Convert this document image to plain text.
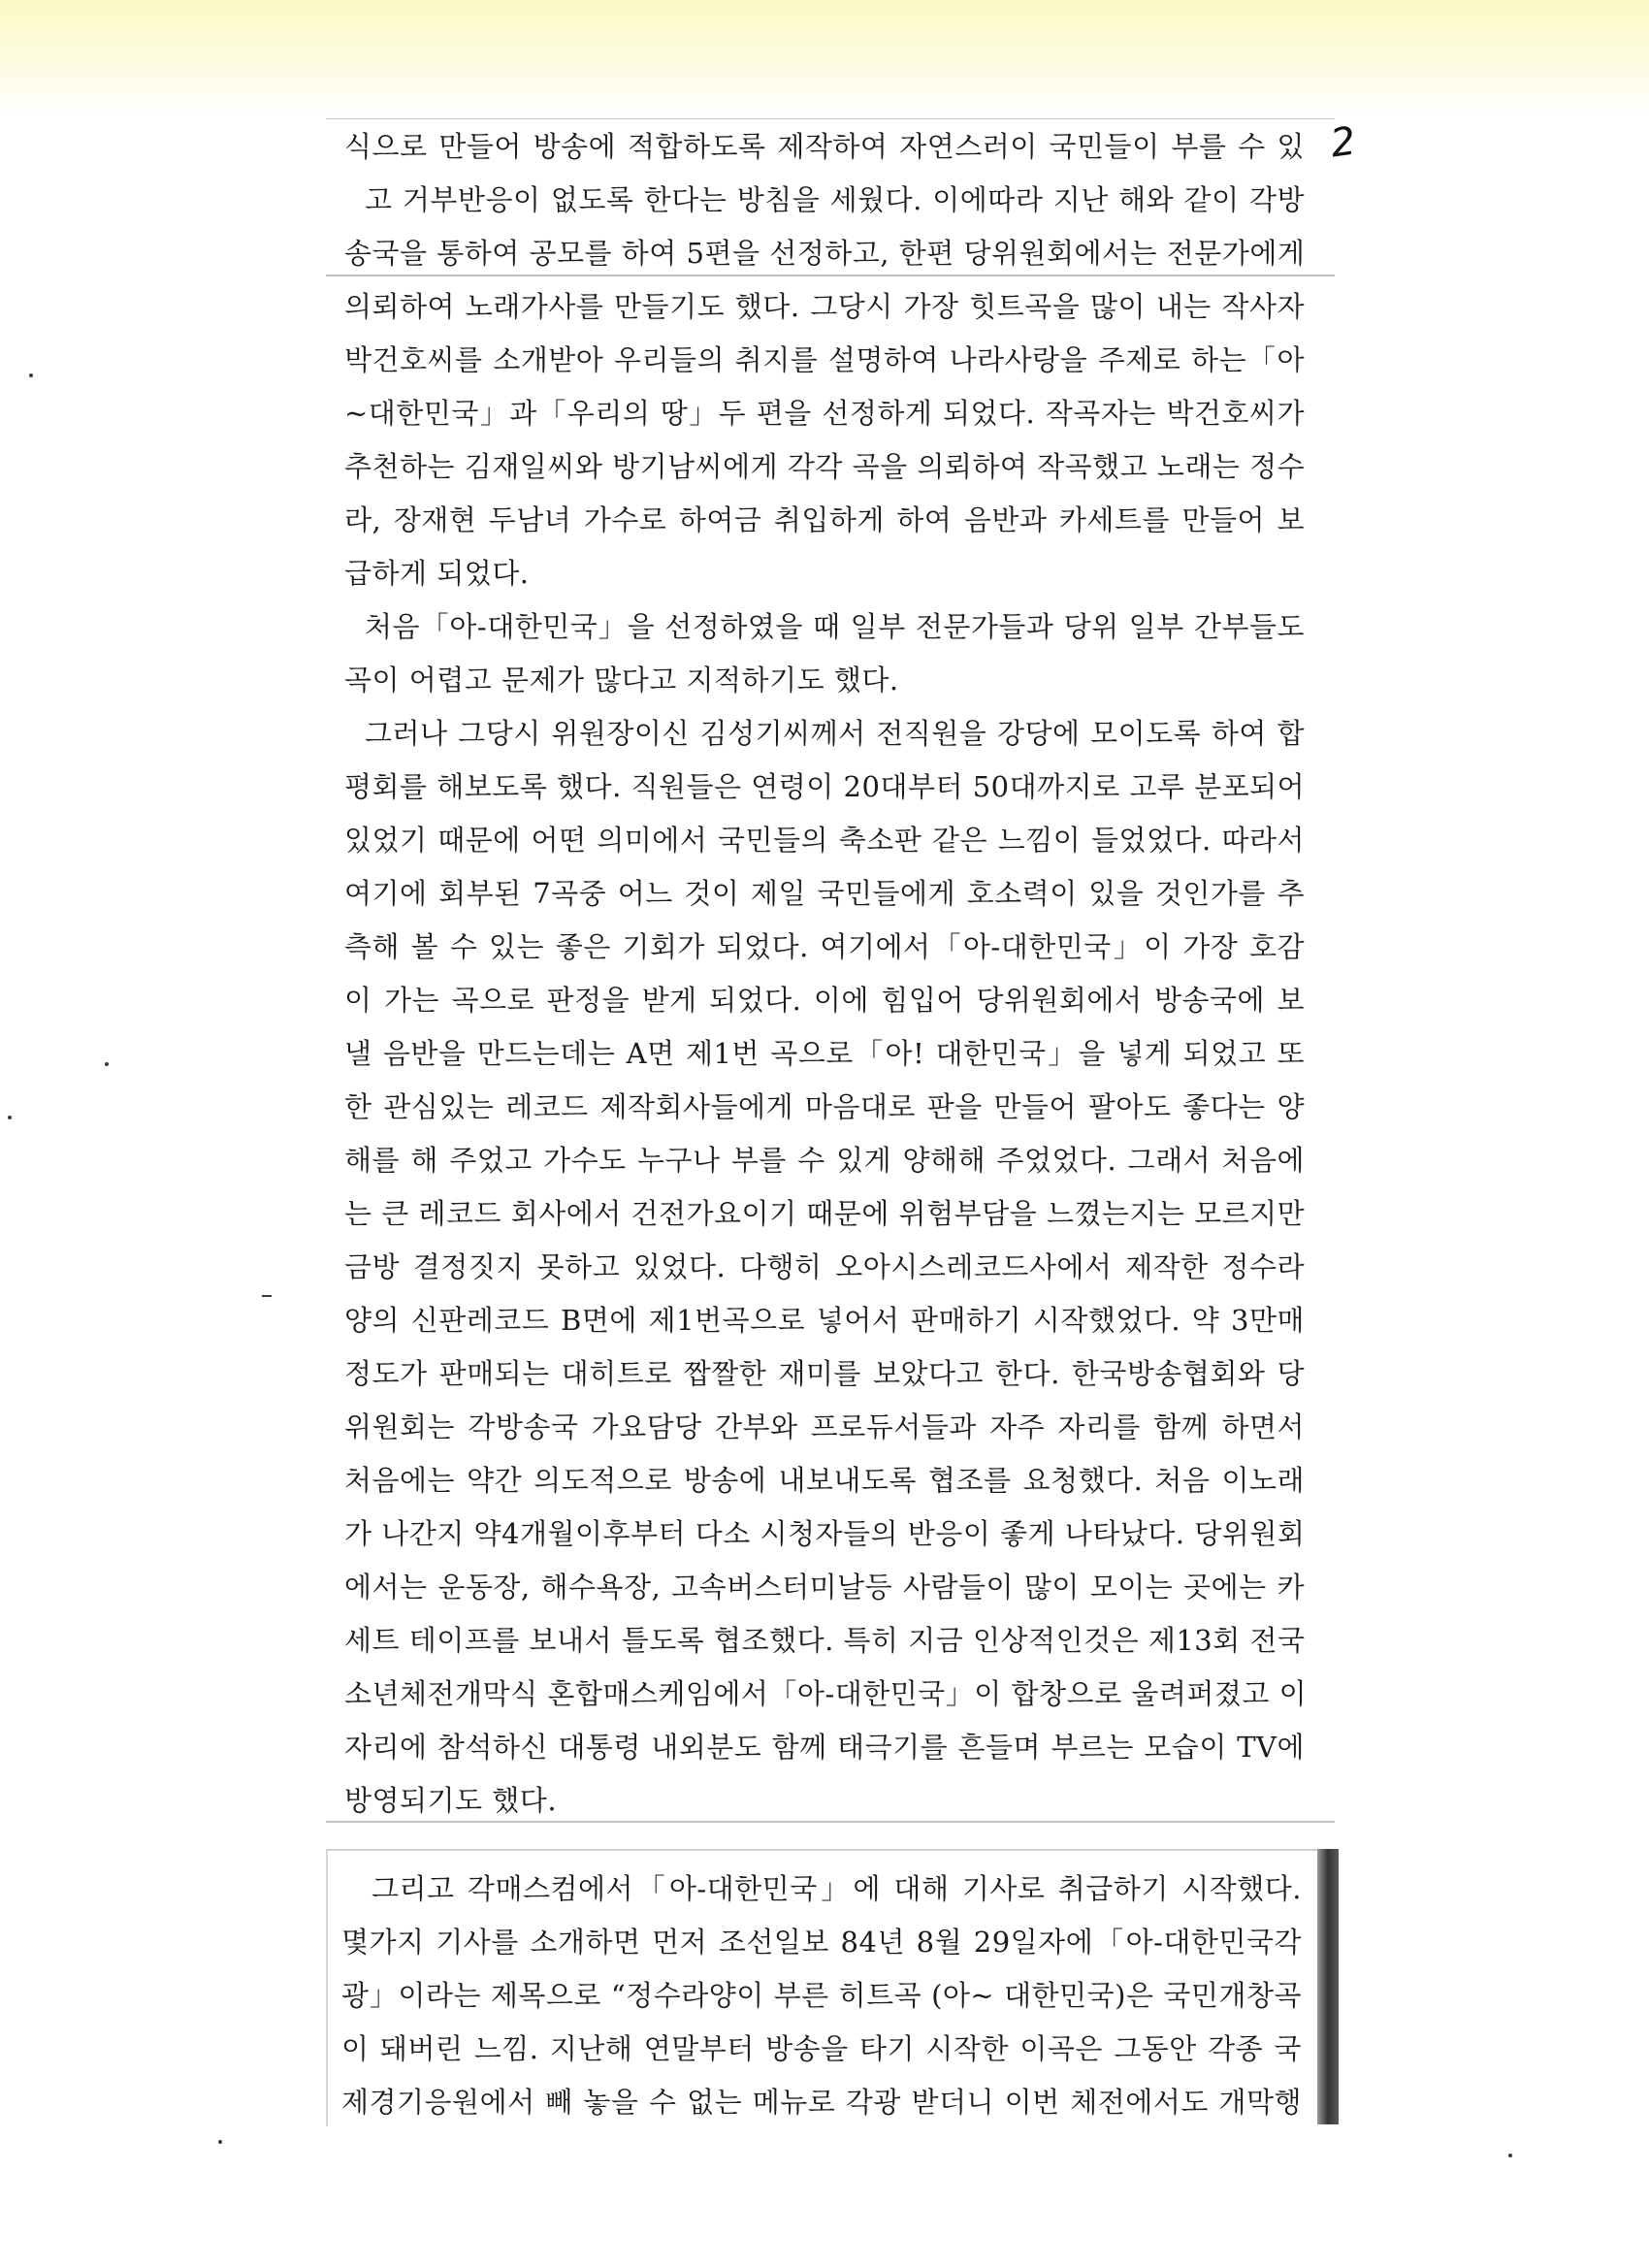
2
식으로 만들어 방송에 적합하도록 제작하여 자연스러이 국민들이 부를 수 있
고 거부반응이 없도록 한다는 방침을 세웠다. 이에따라 지난 해와 같이 각방
송국을 통하여 공모를 하여 5편을 선정하고, 한편 당위원회에서는 전문가에게
의뢰하여 노래가사를 만들기도 했다. 그당시 가장 힛트곡을 많이 내는 작사자
박건호씨를 소개받아 우리들의 취지를 설명하여 나라사랑을 주제로 하는「아
~대한민국」과「우리의 땅」두 편을 선정하게 되었다. 작곡자는 박건호씨가
추천하는 김재일씨와 방기남씨에게 각각 곡을 의뢰하여 작곡했고 노래는 정수
라, 장재현 두남녀 가수로 하여금 취입하게 하여 음반과 카세트를 만들어 보
급하게 되었다.
처음「아-대한민국」을 선정하였을 때 일부 전문가들과 당위 일부 간부들도
곡이 어렵고 문제가 많다고 지적하기도 했다.
그러나 그당시 위원장이신 김성기씨께서 전직원을 강당에 모이도록 하여 합
평회를 해보도록 했다. 직원들은 연령이 20대부터 50대까지로 고루 분포되어
있었기 때문에 어떤 의미에서 국민들의 축소판 같은 느낌이 들었었다. 따라서
여기에 회부된 7곡중 어느 것이 제일 국민들에게 호소력이 있을 것인가를 추
측해 볼 수 있는 좋은 기회가 되었다. 여기에서「아-대한민국」이 가장 호감
이 가는 곡으로 판정을 받게 되었다. 이에 힘입어 당위원회에서 방송국에 보
낼 음반을 만드는데는 A면 제1번 곡으로「아! 대한민국」을 넣게 되었고 또
한 관심있는 레코드 제작회사들에게 마음대로 판을 만들어 팔아도 좋다는 양
해를 해 주었고 가수도 누구나 부를 수 있게 양해해 주었었다. 그래서 처음에
는 큰 레코드 회사에서 건전가요이기 때문에 위험부담을 느꼈는지는 모르지만
금방 결정짓지 못하고 있었다. 다행히 오아시스레코드사에서 제작한 정수라
양의 신판레코드 B면에 제1번곡으로 넣어서 판매하기 시작했었다. 약 3만매
정도가 판매되는 대히트로 짭짤한 재미를 보았다고 한다. 한국방송협회와 당
위원회는 각방송국 가요담당 간부와 프로듀서들과 자주 자리를 함께 하면서
처음에는 약간 의도적으로 방송에 내보내도록 협조를 요청했다. 처음 이노래
가 나간지 약4개월이후부터 다소 시청자들의 반응이 좋게 나타났다. 당위원회
에서는 운동장, 해수욕장, 고속버스터미날등 사람들이 많이 모이는 곳에는 카
세트 테이프를 보내서 틀도록 협조했다. 특히 지금 인상적인것은 제13회 전국
소년체전개막식 혼합매스케임에서「아-대한민국」이 합창으로 울려퍼졌고 이
자리에 참석하신 대통령 내외분도 함께 태극기를 흔들며 부르는 모습이 TV에
방영되기도 했다.
그리고 각매스컴에서「아-대한민국」에 대해 기사로 취급하기 시작했다.
몇가지 기사를 소개하면 먼저 조선일보 84년 8월 29일자에「아-대한민국각
광」이라는 제목으로 “정수라양이 부른 히트곡 (아~ 대한민국)은 국민개창곡
이 돼버린 느낌. 지난해 연말부터 방송을 타기 시작한 이곡은 그동안 각종 국
제경기응원에서 빼 놓을 수 없는 메뉴로 각광 받더니 이번 체전에서도 개막행
